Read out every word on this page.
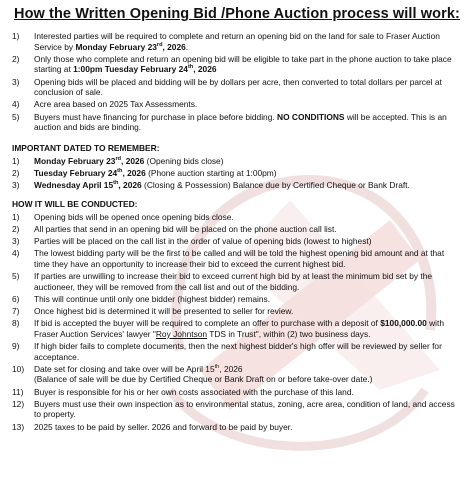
How the Written Opening Bid /Phone Auction process will work:
1)	Interested parties will be required to complete and return an opening bid on the land for sale to Fraser Auction Service by Monday February 23rd, 2026.
2)	Only those who complete and return an opening bid will be eligible to take part in the phone auction to take place starting at 1:00pm Tuesday February 24th, 2026
3)	Opening bids will be placed and bidding will be by dollars per acre, then converted to total dollars per parcel at conclusion of sale.
4)	Acre area based on 2025 Tax Assessments.
5)	Buyers must have financing for purchase in place before bidding. NO CONDITIONS will be accepted. This is an auction and bids are binding.
IMPORTANT DATED TO REMEMBER:
1)	Monday February 23rd, 2026 (Opening bids close)
2)	Tuesday February 24th, 2026 (Phone auction starting at 1:00pm)
3)	Wednesday April 15th, 2026 (Closing & Possession) Balance due by Certified Cheque or Bank Draft.
HOW IT WILL BE CONDUCTED:
1)	Opening bids will be opened once opening bids close.
2)	All parties that send in an opening bid will be placed on the phone auction call list.
3)	Parties will be placed on the call list in the order of value of opening bids (lowest to highest)
4)	The lowest bidding party will be the first to be called and will be told the highest opening bid amount and at that time they have an opportunity to increase their bid to exceed the current highest bid.
5)	If parties are unwilling to increase their bid to exceed current high bid by at least the minimum bid set by the auctioneer, they will be removed from the call list and out of the bidding.
6)	This will continue until only one bidder (highest bidder) remains.
7)	Once highest bid is determined it will be presented to seller for review.
8)	If bid is accepted the buyer will be required to complete an offer to purchase with a deposit of $100,000.00 with Fraser Auction Services' lawyer "Roy Johntson TDS in Trust", within (2) two business days.
9)	If high bider fails to complete documents, then the next highest bidder's high offer will be reviewed by seller for acceptance.
10)	Date set for closing and take over will be April 15th, 2026
(Balance of sale will be due by Certified Cheque or Bank Draft on or before take-over date.)
11)	Buyer is responsible for his or her own costs associated with the purchase of this land.
12)	Buyers must use their own inspection as to environmental status, zoning, acre area, condition of land, and access to property.
13)	2025 taxes to be paid by seller. 2026 and forward to be paid by buyer.
